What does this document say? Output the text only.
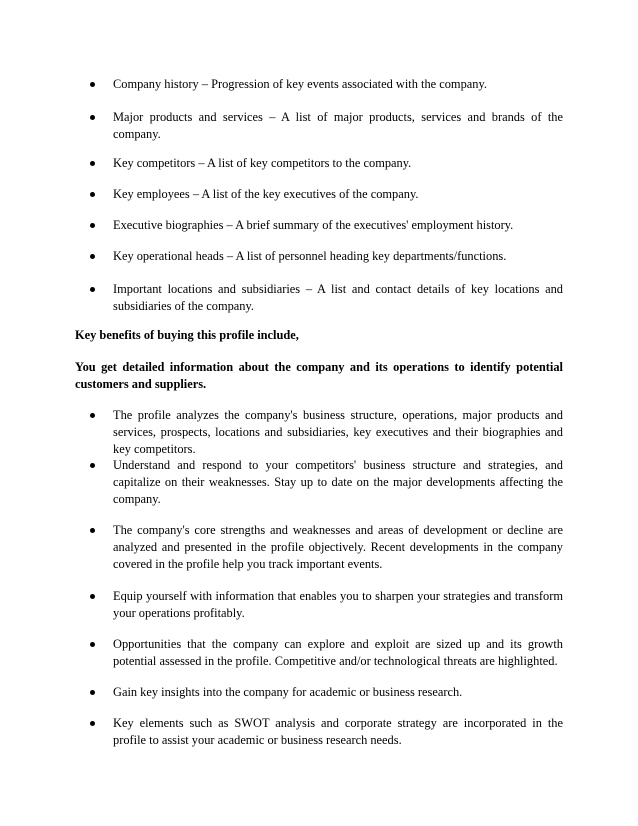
Company history – Progression of key events associated with the company.
Major products and services – A list of major products, services and brands of the company.
Key competitors – A list of key competitors to the company.
Key employees – A list of the key executives of the company.
Executive biographies – A brief summary of the executives' employment history.
Key operational heads – A list of personnel heading key departments/functions.
Important locations and subsidiaries – A list and contact details of key locations and subsidiaries of the company.
Key benefits of buying this profile include,
You get detailed information about the company and its operations to identify potential customers and suppliers.
The profile analyzes the company's business structure, operations, major products and services, prospects, locations and subsidiaries, key executives and their biographies and key competitors.
Understand and respond to your competitors' business structure and strategies, and capitalize on their weaknesses. Stay up to date on the major developments affecting the company.
The company's core strengths and weaknesses and areas of development or decline are analyzed and presented in the profile objectively. Recent developments in the company covered in the profile help you track important events.
Equip yourself with information that enables you to sharpen your strategies and transform your operations profitably.
Opportunities that the company can explore and exploit are sized up and its growth potential assessed in the profile. Competitive and/or technological threats are highlighted.
Gain key insights into the company for academic or business research.
Key elements such as SWOT analysis and corporate strategy are incorporated in the profile to assist your academic or business research needs.
